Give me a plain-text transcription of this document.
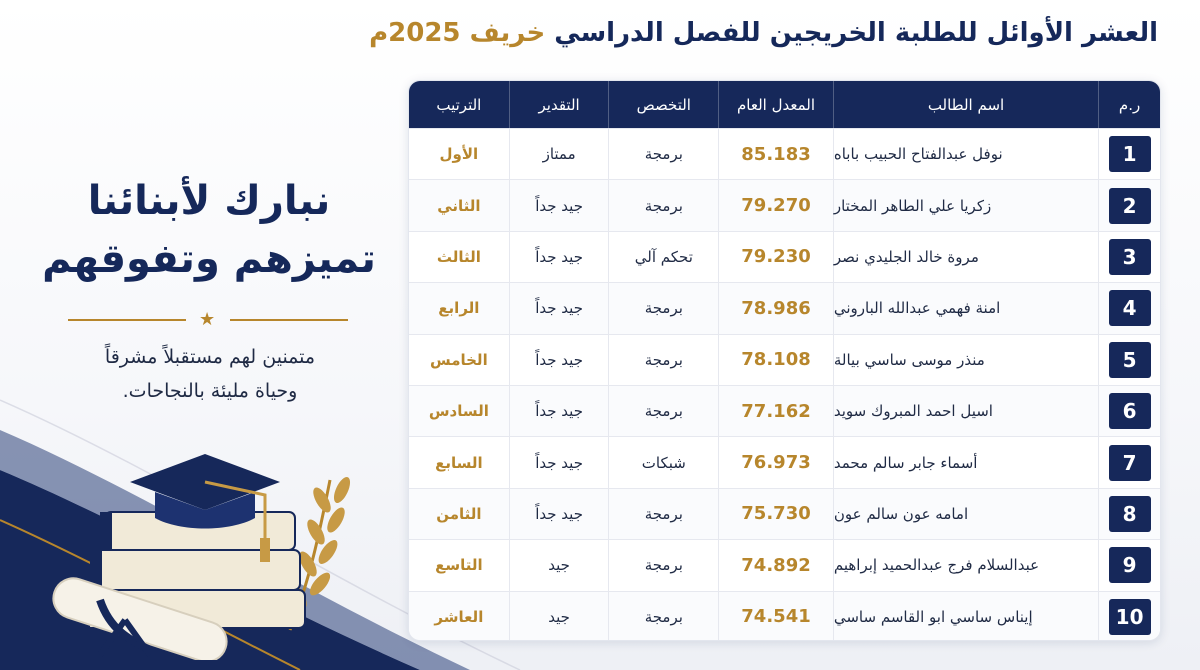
العشر الأوائل للطلبة الخريجين للفصل الدراسي خريف 2025م
ر.م
اسم الطالب
المعدل العام
التخصص
التقدير
الترتيب
1
نوفل عبدالفتاح الحبيب باباه
85.183
برمجة
ممتاز
الأول
2
زكريا علي الطاهر المختار
79.270
برمجة
جيد جداً
الثاني
3
مروة خالد الجليدي نصر
79.230
تحكم آلي
جيد جداً
الثالث
4
امنة فهمي عبدالله الباروني
78.986
برمجة
جيد جداً
الرابع
5
منذر موسى ساسي بيالة
78.108
برمجة
جيد جداً
الخامس
6
اسيل احمد المبروك سويد
77.162
برمجة
جيد جداً
السادس
7
أسماء جابر سالم محمد
76.973
شبكات
جيد جداً
السابع
8
امامه عون سالم عون
75.730
برمجة
جيد جداً
الثامن
9
عبدالسلام فرج عبدالحميد إبراهيم
74.892
برمجة
جيد
التاسع
10
إيناس ساسي ابو القاسم ساسي
74.541
برمجة
جيد
العاشر
نبارك لأبنائنا
تميزهم وتفوقهم
★
متمنين لهم مستقبلاً مشرقاً
وحياة مليئة بالنجاحات.
